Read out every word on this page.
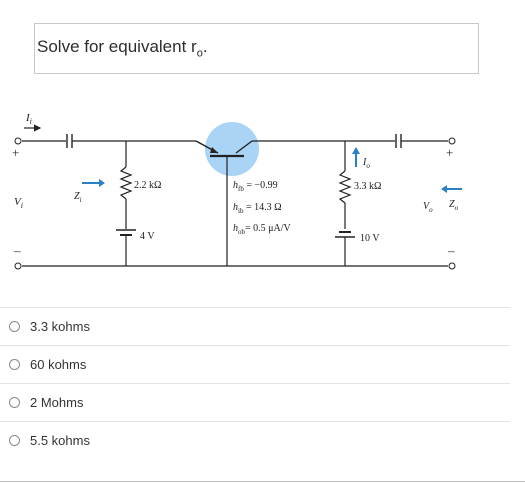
Solve for equivalent $r_o$.
$I_i$
+
$V_i$
–
$Z_i$
2.2 kΩ
4 V
$h_{fb} = -0.99$
$h_{ib} = 14.3$ Ω
$h_{ob}= 0.5$ μA/V
3.3 kΩ
$I_o$
10 V
+
$V_o$ $Z_o$
–
3.3 kohms
60 kohms
2 Mohms
5.5 kohms
